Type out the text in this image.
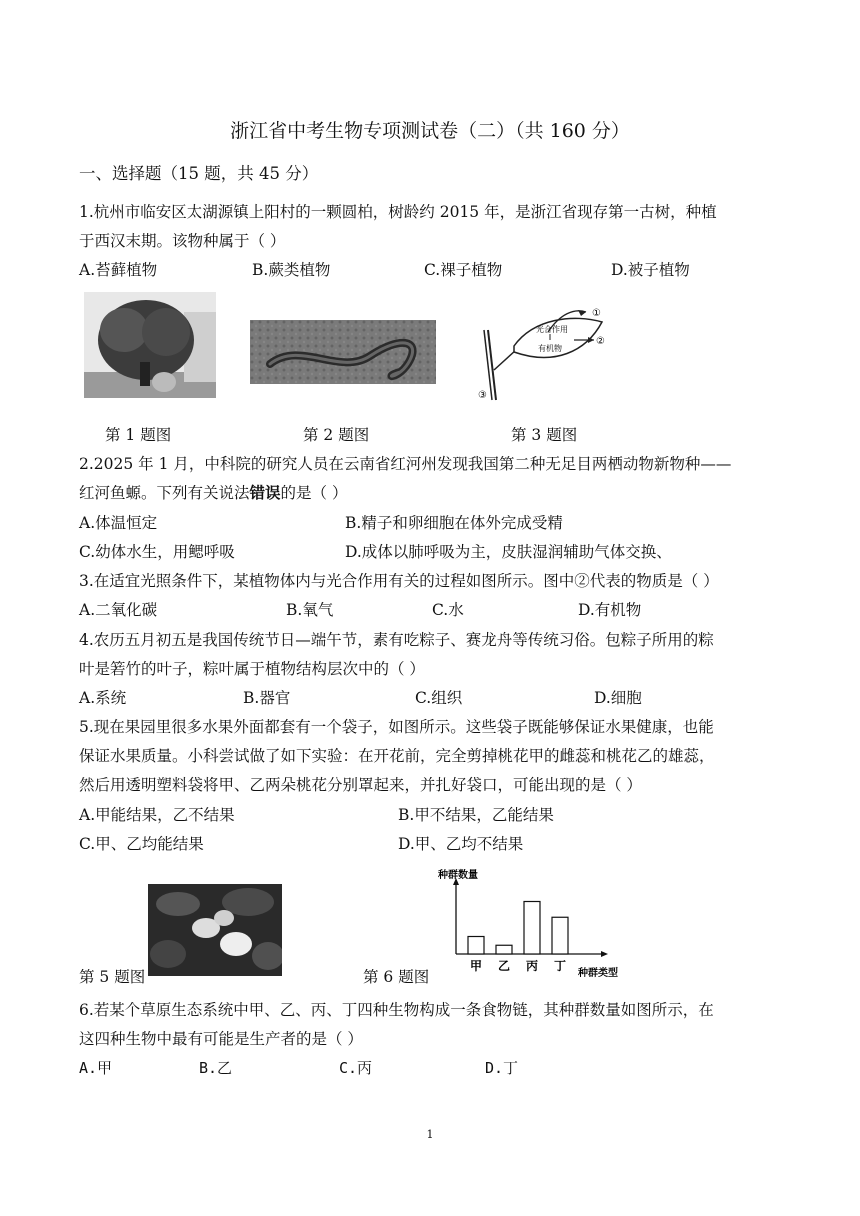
浙江省中考生物专项测试卷（二）（共 160 分）
一、选择题（15 题，共 45 分）
1.杭州市临安区太湖源镇上阳村的一颗圆柏，树龄约 2015 年，是浙江省现存第一古树，种植
于西汉末期。该物种属于（ ）
A.苔藓植物	B.蕨类植物	C.裸子植物	D.被子植物
①
光合作用
有机物
②
③
第 1 题图	第 2 题图	第 3 题图
2.2025 年 1 月，中科院的研究人员在云南省红河州发现我国第二种无足目两栖动物新物种——
红河鱼螈。下列有关说法错误的是（ ）
A.体温恒定	B.精子和卵细胞在体外完成受精
C.幼体水生，用鳃呼吸	D.成体以肺呼吸为主，皮肤湿润辅助气体交换、
3.在适宜光照条件下，某植物体内与光合作用有关的过程如图所示。图中②代表的物质是（ ）
A.二氧化碳	B.氧气	C.水	D.有机物
4.农历五月初五是我国传统节日—端午节，素有吃粽子、赛龙舟等传统习俗。包粽子所用的粽
叶是箬竹的叶子，粽叶属于植物结构层次中的（ ）
A.系统	B.器官	C.组织	D.细胞
5.现在果园里很多水果外面都套有一个袋子，如图所示。这些袋子既能够保证水果健康，也能
保证水果质量。小科尝试做了如下实验：在开花前，完全剪掉桃花甲的雌蕊和桃花乙的雄蕊，
然后用透明塑料袋将甲、乙两朵桃花分别罩起来，并扎好袋口，可能出现的是（ ）
A.甲能结果，乙不结果	B.甲不结果，乙能结果
C.甲、乙均能结果	D.甲、乙均不结果
第 5 题图
种群数量
种群类型
甲 乙 丙 丁
第 6 题图
6.若某个草原生态系统中甲、乙、丙、丁四种生物构成一条食物链，其种群数量如图所示，在
这四种生物中最有可能是生产者的是（ ）
A.甲	B.乙	C.丙	D.丁
1
